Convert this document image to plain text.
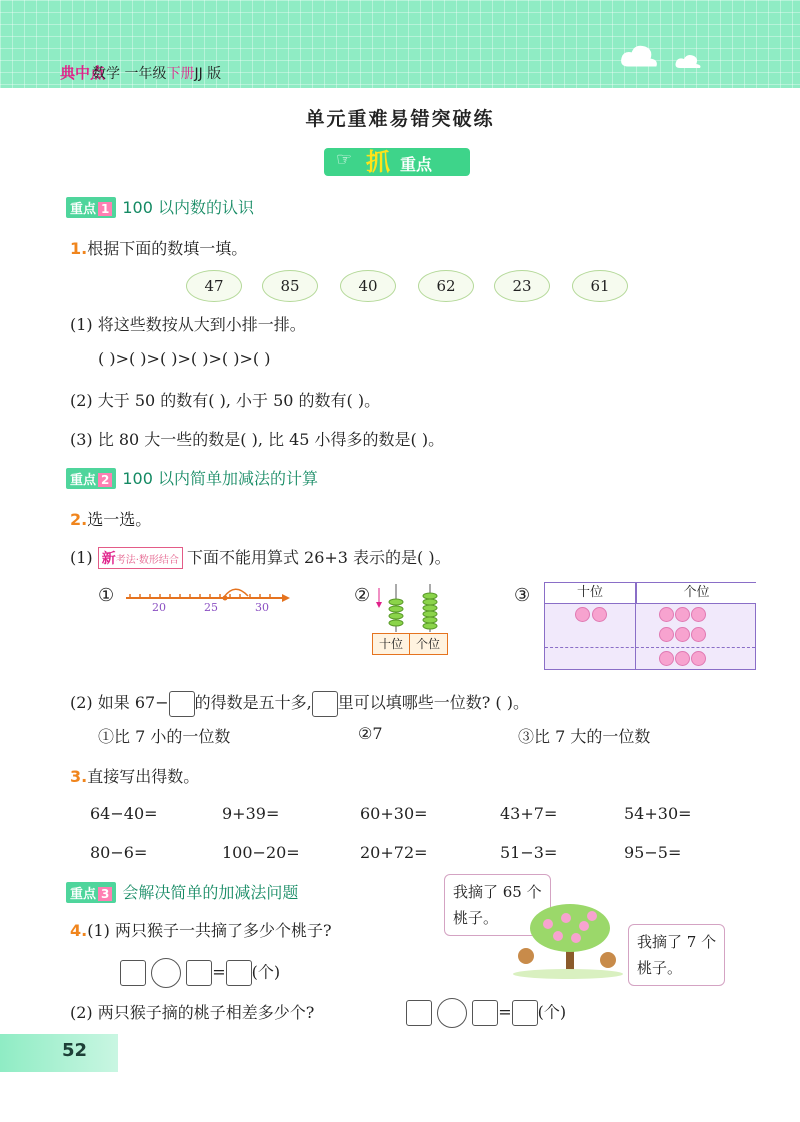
典中点
数学 一年级下册JJ 版
单元重难易错突破练
☞ 抓 重点
重点 1 100 以内数的认识
1.根据下面的数填一填。
47	85	40	62	23	61
(1) 将这些数按从大到小排一排。
( )>( )>( )>( )>( )>( )
(2) 大于 50 的数有( ), 小于 50 的数有( )。
(3) 比 80 大一些的数是( ), 比 45 小得多的数是( )。
重点 2 100 以内简单加减法的计算
2.选一选。
(1) 新考法·数形结合 下面不能用算式 26+3 表示的是( )。
①
20	25	30
②
十位 个位
③	十位	个位
(2) 如果 67− 的得数是五十多, 里可以填哪些一位数? ( )。
①比 7 小的一位数	②7	③比 7 大的一位数
3.直接写出得数。
64−40=	9+39=	60+30=	43+7=	54+30=
80−6=	100−20=	20+72=	51−3=	95−5=
重点 3 会解决简单的加减法问题	我摘了 65 个
桃子。
我摘了 7 个
桃子。
4.(1) 两只猴子一共摘了多少个桃子?
= (个)
(2) 两只猴子摘的桃子相差多少个?	= (个)
52
